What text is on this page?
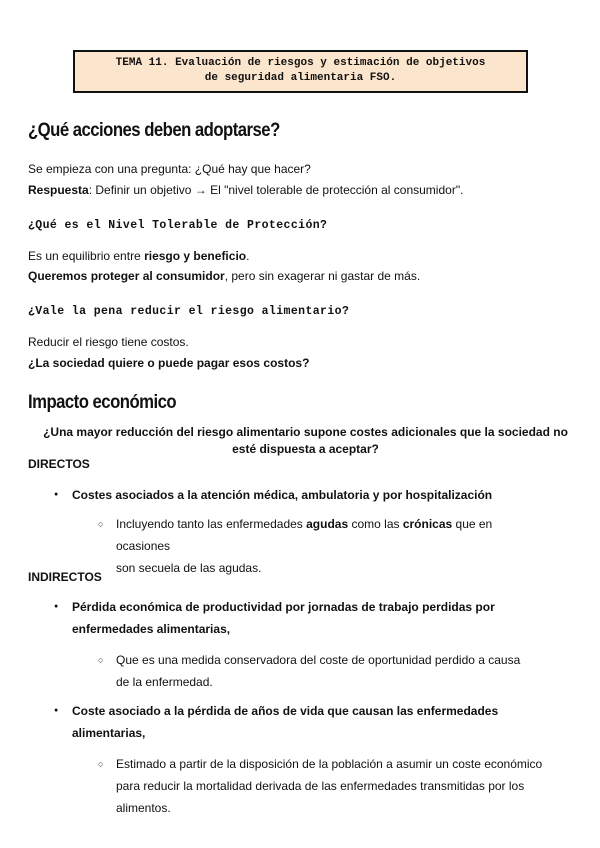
TEMA 11. Evaluación de riesgos y estimación de objetivos
de seguridad alimentaria FSO.
¿Qué acciones deben adoptarse?

Se empieza con una pregunta: ¿Qué hay que hacer?

Respuesta: Definir un objetivo → El "nivel tolerable de protección al consumidor".

¿Qué es el Nivel Tolerable de Protección?

Es un equilibrio entre riesgo y beneficio.

Queremos proteger al consumidor, pero sin exagerar ni gastar de más.

¿Vale la pena reducir el riesgo alimentario?

Reducir el riesgo tiene costos.

¿La sociedad quiere o puede pagar esos costos?

Impacto económico

¿Una mayor reducción del riesgo alimentario supone costes adicionales que la sociedad no
esté dispuesta a aceptar?

DIRECTOS

● Costes asociados a la atención médica, ambulatoria y por hospitalización

○ Incluyendo tanto las enfermedades agudas como las crónicas que en ocasiones
son secuela de las agudas.

INDIRECTOS

● Pérdida económica de productividad por jornadas de trabajo perdidas por
enfermedades alimentarias,

○ Que es una medida conservadora del coste de oportunidad perdido a causa
de la enfermedad.

● Coste asociado a la pérdida de años de vida que causan las enfermedades
alimentarias,

○ Estimado a partir de la disposición de la población a asumir un coste económico
para reducir la mortalidad derivada de las enfermedades transmitidas por los
alimentos.
